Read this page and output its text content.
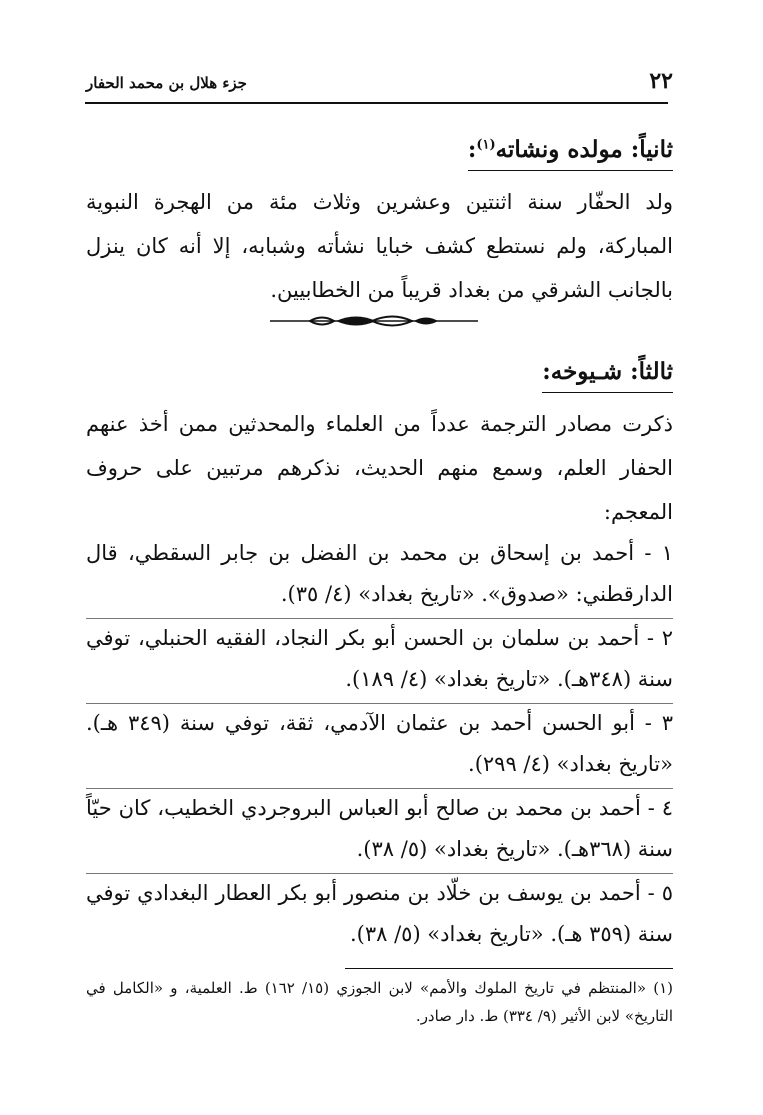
٢٢
جزء هلال بن محمد الحفار
ثانياً: مولده ونشاته$^{(١)}$:

ولد الحفّار سنة اثنتين وعشرين وثلاث مئة من الهجرة النبوية المباركة، ولم نستطع كشف خبايا نشأته وشبابه، إلا أنه كان ينزل بالجانب الشرقي من بغداد قريباً من الخطابيين.

ثالثاً: شـيوخه:

ذكرت مصادر الترجمة عدداً من العلماء والمحدثين ممن أخذ عنهم الحفار العلم، وسمع منهم الحديث، نذكرهم مرتبين على حروف المعجم:

١ - أحمد بن إسحاق بن محمد بن الفضل بن جابر السقطي، قال الدارقطني: «صدوق». «تاريخ بغداد» (٤/ ٣٥).

٢ - أحمد بن سلمان بن الحسن أبو بكر النجاد، الفقيه الحنبلي، توفي سنة (٣٤٨هـ). «تاريخ بغداد» (٤/ ١٨٩).

٣ - أبو الحسن أحمد بن عثمان الآدمي، ثقة، توفي سنة (٣٤٩ هـ). «تاريخ بغداد» (٤/ ٢٩٩).

٤ - أحمد بن محمد بن صالح أبو العباس البروجردي الخطيب، كان حيّاً سنة (٣٦٨هـ). «تاريخ بغداد» (٥/ ٣٨).

٥ - أحمد بن يوسف بن خلّاد بن منصور أبو بكر العطار البغدادي توفي سنة (٣٥٩ هـ). «تاريخ بغداد» (٥/ ٣٨).

(١) «المنتظم في تاريخ الملوك والأمم» لابن الجوزي (١٥/ ١٦٢) ط. العلمية، و «الكامل في التاريخ» لابن الأثير (٩/ ٣٣٤) ط. دار صادر.
